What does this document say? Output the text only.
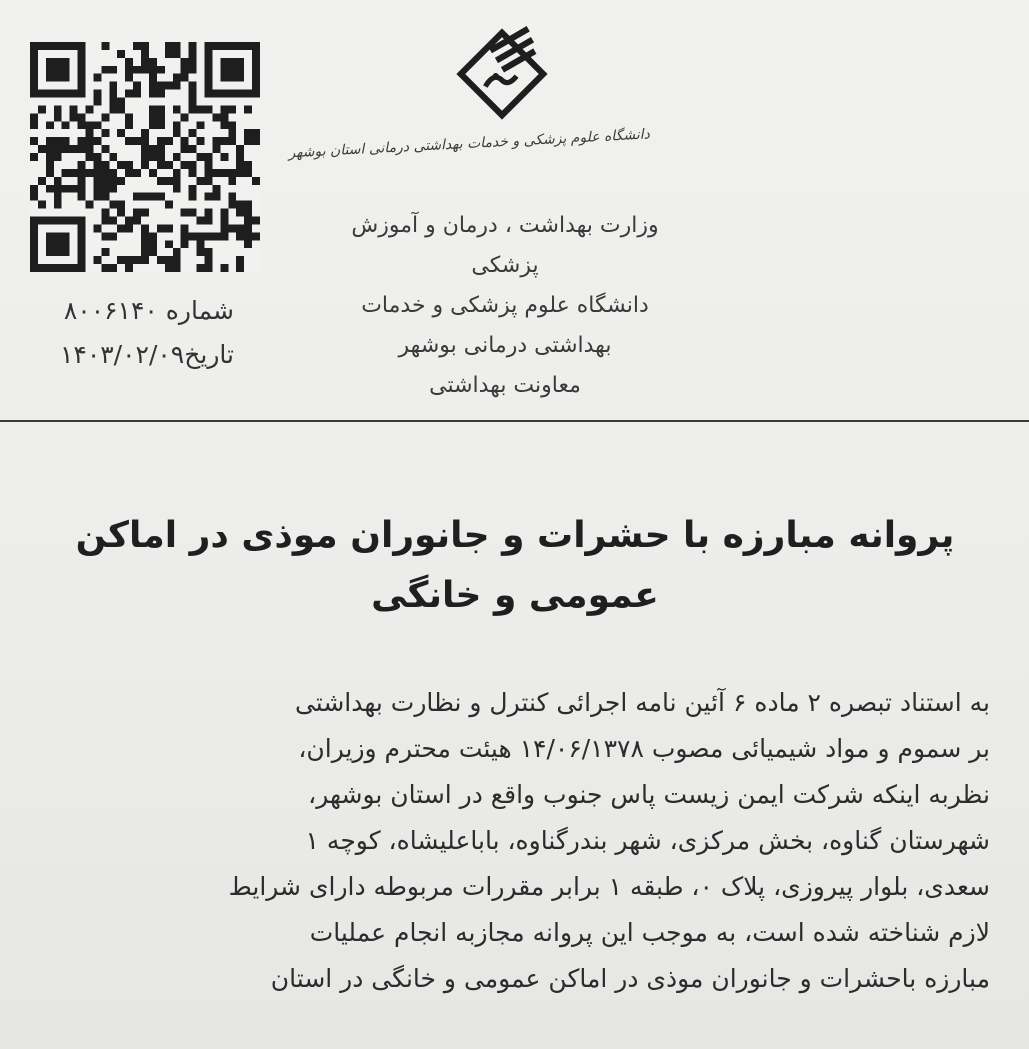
شماره ۸۰۰۶۱۴۰
تاریخ۱۴۰۳/۰۲/۰۹
دانشگاه علوم پزشکی و خدمات بهداشتی درمانی استان بوشهر
وزارت بهداشت ، درمان و آموزش
پزشکی
دانشگاه علوم پزشکی و خدمات
بهداشتی درمانی بوشهر
معاونت بهداشتی
پروانه مبارزه با حشرات و جانوران موذی در اماکن
عمومی و خانگی
به استناد تبصره ۲ ماده ۶ آئین نامه اجرائی کنترل و نظارت بهداشتی
بر سموم و مواد شیمیائی مصوب ۱۴/۰۶/۱۳۷۸ هیئت محترم وزیران،
نظربه اینکه شرکت ایمن زیست پاس جنوب واقع در استان بوشهر،
شهرستان گناوه، بخش مرکزی، شهر بندرگناوه، باباعلیشاه، کوچه ۱
سعدی، بلوار پیروزی، پلاک ۰، طبقه ۱ برابر مقررات مربوطه دارای شرایط
لازم شناخته شده است، به موجب این پروانه مجازبه انجام عملیات
مبارزه باحشرات و جانوران موذی در اماکن عمومی و خانگی در استان
